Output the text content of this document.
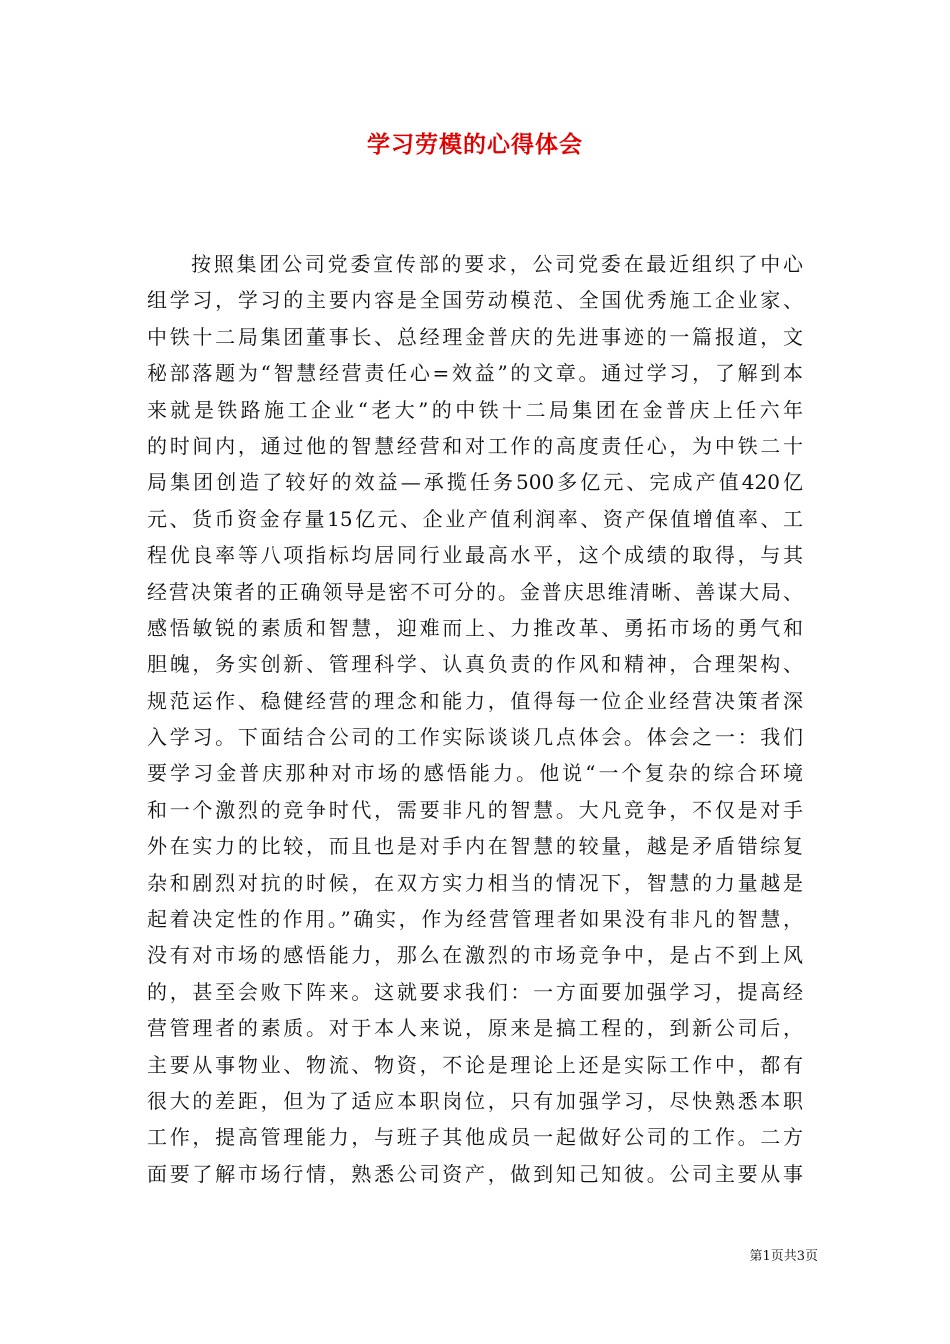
学习劳模的心得体会
按照集团公司党委宣传部的要求，公司党委在最近组织了中心
组学习，学习的主要内容是全国劳动模范、全国优秀施工企业家、
中铁十二局集团董事长、总经理金普庆的先进事迹的一篇报道，文
秘部落题为“智慧经营责任心=效益”的文章。通过学习，了解到本
来就是铁路施工企业“老大”的中铁十二局集团在金普庆上任六年
的时间内，通过他的智慧经营和对工作的高度责任心，为中铁二十
局集团创造了较好的效益—承揽任务500多亿元、完成产值420亿
元、货币资金存量15亿元、企业产值利润率、资产保值增值率、工
程优良率等八项指标均居同行业最高水平，这个成绩的取得，与其
经营决策者的正确领导是密不可分的。金普庆思维清晰、善谋大局、
感悟敏锐的素质和智慧，迎难而上、力推改革、勇拓市场的勇气和
胆魄，务实创新、管理科学、认真负责的作风和精神，合理架构、
规范运作、稳健经营的理念和能力，值得每一位企业经营决策者深
入学习。下面结合公司的工作实际谈谈几点体会。体会之一：我们
要学习金普庆那种对市场的感悟能力。他说“一个复杂的综合环境
和一个激烈的竞争时代，需要非凡的智慧。大凡竞争，不仅是对手
外在实力的比较，而且也是对手内在智慧的较量，越是矛盾错综复
杂和剧烈对抗的时候，在双方实力相当的情况下，智慧的力量越是
起着决定性的作用。”确实，作为经营管理者如果没有非凡的智慧，
没有对市场的感悟能力，那么在激烈的市场竞争中，是占不到上风
的，甚至会败下阵来。这就要求我们：一方面要加强学习，提高经
营管理者的素质。对于本人来说，原来是搞工程的，到新公司后，
主要从事物业、物流、物资，不论是理论上还是实际工作中，都有
很大的差距，但为了适应本职岗位，只有加强学习，尽快熟悉本职
工作，提高管理能力，与班子其他成员一起做好公司的工作。二方
面要了解市场行情，熟悉公司资产，做到知己知彼。公司主要从事
第1页共3页
